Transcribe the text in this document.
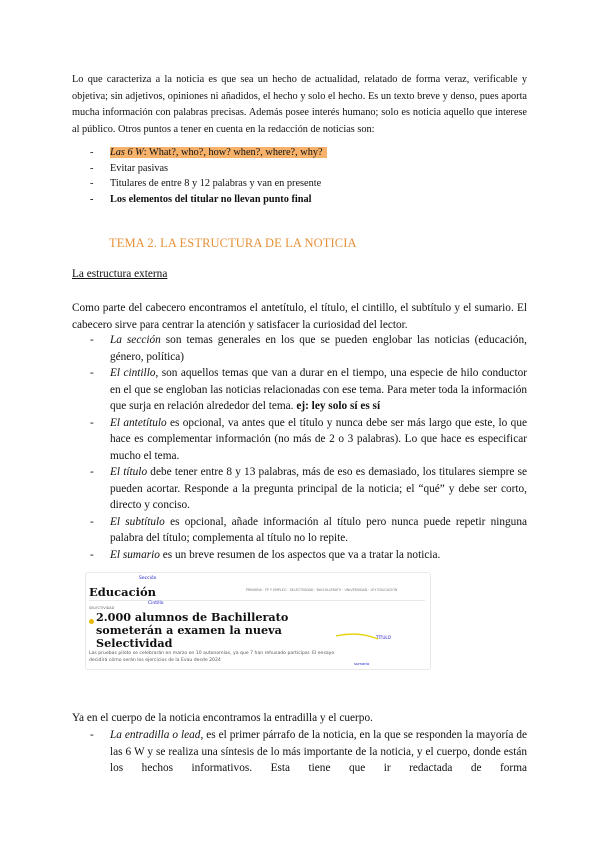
Lo que caracteriza a la noticia es que sea un hecho de actualidad, relatado de forma veraz, verificable y objetiva; sin adjetivos, opiniones ni añadidos, el hecho y solo el hecho. Es un texto breve y denso, pues aporta mucha información con palabras precisas. Además posee interés humano; solo es noticia aquello que interese al público. Otros puntos a tener en cuenta en la redacción de noticias son:
- Las 6 W: What?, who?, how? when?, where?, why?
- Evitar pasivas
- Titulares de entre 8 y 12 palabras y van en presente
- Los elementos del titular no llevan punto final
TEMA 2. LA ESTRUCTURA DE LA NOTICIA
La estructura externa
Como parte del cabecero encontramos el antetítulo, el título, el cintillo, el subtítulo y el sumario. El cabecero sirve para centrar la atención y satisfacer la curiosidad del lector.
- La sección son temas generales en los que se pueden englobar las noticias (educación, género, política)
- El cintillo, son aquellos temas que van a durar en el tiempo, una especie de hilo conductor en el que se engloban las noticias relacionadas con ese tema. Para meter toda la información que surja en relación alrededor del tema. ej: ley solo sí es sí
- El antetítulo es opcional, va antes que el título y nunca debe ser más largo que este, lo que hace es complementar información (no más de 2 o 3 palabras). Lo que hace es especificar mucho el tema.
- El título debe tener entre 8 y 13 palabras, más de eso es demasiado, los titulares siempre se pueden acortar. Responde a la pregunta principal de la noticia; el “qué” y debe ser corto, directo y conciso.
- El subtítulo es opcional, añade información al título pero nunca puede repetir ninguna palabra del título; complementa al título no lo repite.
- El sumario es un breve resumen de los aspectos que va a tratar la noticia.
Educación
Sección
PRIMARIA · FP Y EMPLEO · SELECTIVIDAD · BACHILLERATO · UNIVERSIDAD · LEY EDUCACIÓN
Cintillo
SELECTIVIDAD
2.000 alumnos de Bachillerato someterán a examen la nueva Selectividad
Las pruebas piloto se celebrarán en marzo en 10 autonomías, ya que 7 han rehusado participar. El ensayo decidirá cómo serán los ejercicios de la Evau desde 2024
TÍTULO
sumario
Ya en el cuerpo de la noticia encontramos la entradilla y el cuerpo.
- La entradilla o lead, es el primer párrafo de la noticia, en la que se responden la mayoría de las 6 W y se realiza una síntesis de lo más importante de la noticia, y el cuerpo, donde están los hechos informativos. Esta tiene que ir redactada de forma
